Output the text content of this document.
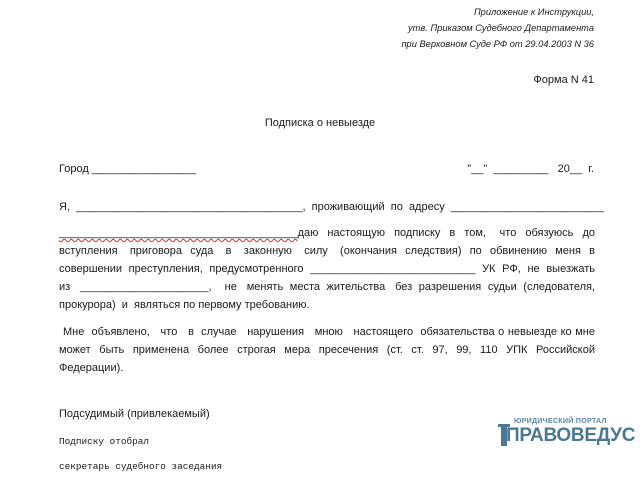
Приложение к Инструкции,
утв. Приказом Судебного Департамента
при Верховном Суде РФ от 29.04.2003 N 36
Форма N 41
Подписка о невыезде
Город _________________	"__"  _________   20__  г.
Я,  _____________________________________,  проживающий  по  адресу  _________________________
_______________________________________даю  настоящую  подписку  в  том,   что  обязуюсь  до
вступления   приговора  суда   в   законную   силу   (окончания  следствия)  по  обвинению  меня  в
совершении  преступления,  предусмотренного  ___________________________  УК  РФ,  не  выезжать
из   _____________________,    не   менять  места  жительства   без  разрешения  судьи  (следователя,
прокурора)  и  являться по первому требованию.
Мне  объявлено,   что   в  случае   нарушения   мною   настоящего  обязательства о невыезде ко мне
может  быть  применена  более  строгая  мера  пресечения  (ст.  ст.  97,  99,  110  УПК  Российской
Федерации).
Подсудимый (привлекаемый)
Подписку отобрал
секретарь судебного заседания
ЮРИДИЧЕСКИЙ ПОРТАЛ
ПРАВОВЕДУС
